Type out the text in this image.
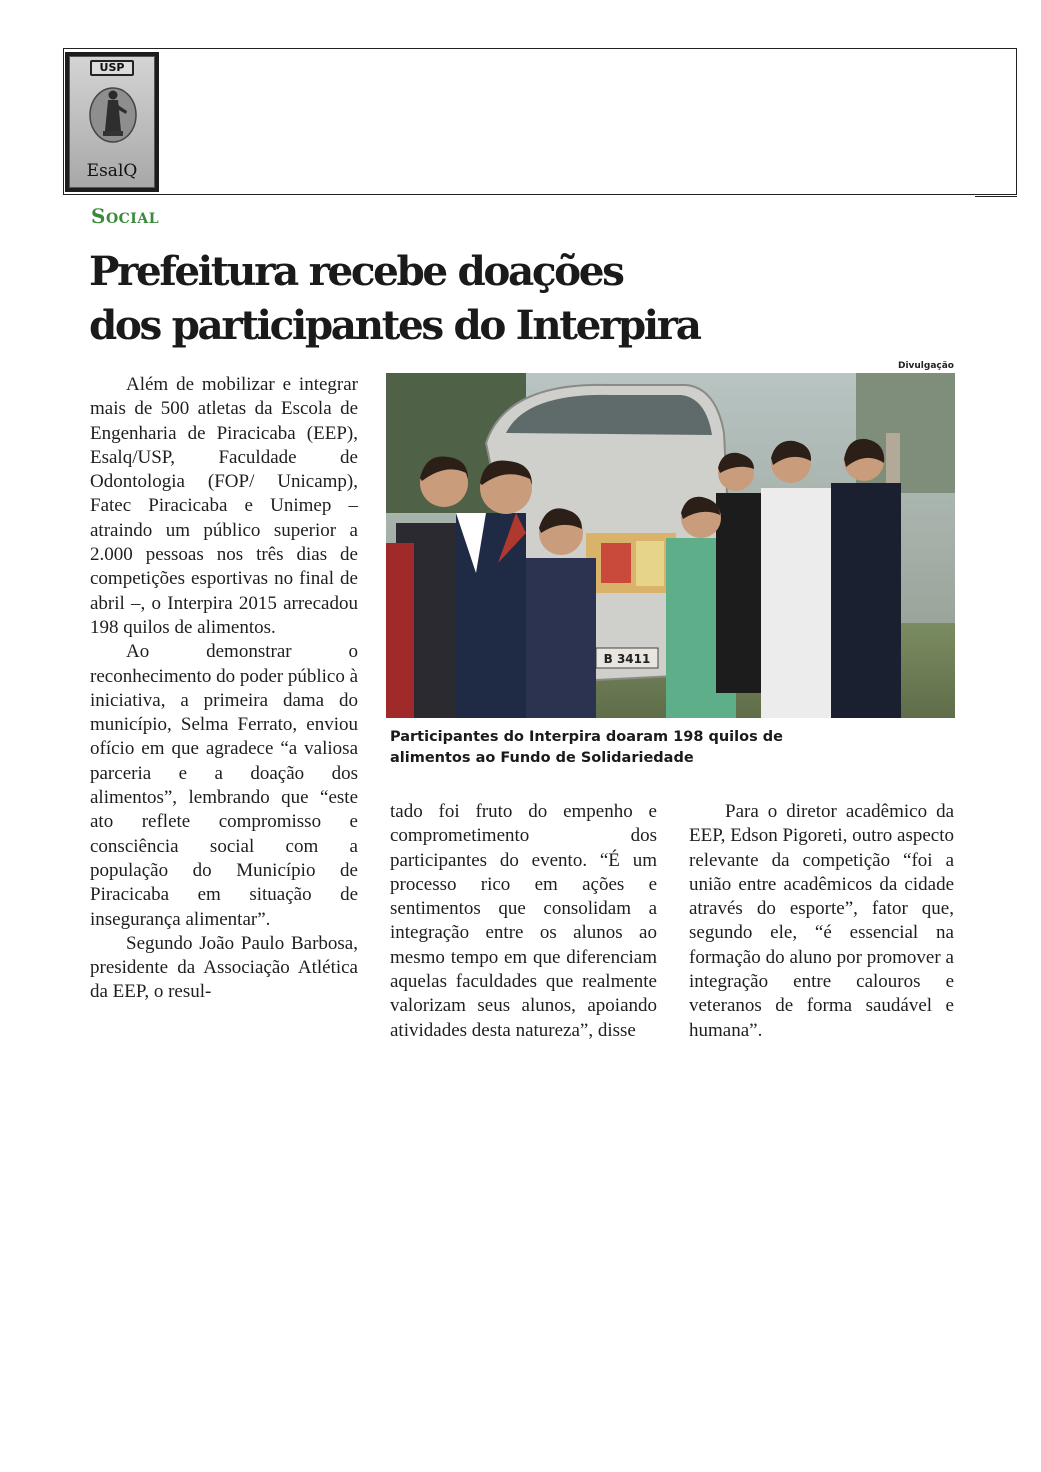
USP
EsalQ
Social
Prefeitura recebe doações
dos participantes do Interpira

Além de mobilizar e integrar mais de 500 atletas da Escola de Engenharia de Piracicaba (EEP), Esalq/USP, Faculdade de Odontologia (FOP/ Unicamp), Fatec Piracicaba e Unimep – atraindo um público superior a 2.000 pessoas nos três dias de competições esportivas no final de abril –, o Interpira 2015 arrecadou 198 quilos de alimentos.

Ao demonstrar o reconhecimento do poder público à iniciativa, a primeira dama do município, Selma Ferrato, enviou ofício em que agradece “a valiosa parceria e a doação dos alimentos”, lembrando que “este ato reflete compromisso e consciência social com a população do Município de Piracicaba em situação de insegurança alimentar”.

Segundo João Paulo Barbosa, presidente da Associação Atlética da EEP, o resul-

Divulgação
B 3411

Participantes do Interpira doaram 198 quilos de
alimentos ao Fundo de Solidariedade

tado foi fruto do empenho e comprometimento dos participantes do evento. “É um processo rico em ações e sentimentos que consolidam a integração entre os alunos ao mesmo tempo em que diferenciam aquelas faculdades que realmente valorizam seus alunos, apoiando atividades desta natureza”, disse

Para o diretor acadêmico da EEP, Edson Pigoreti, outro aspecto relevante da competição “foi a união entre acadêmicos da cidade através do esporte”, fator que, segundo ele, “é essencial na formação do aluno por promover a integração entre calouros e veteranos de forma saudável e humana”.
